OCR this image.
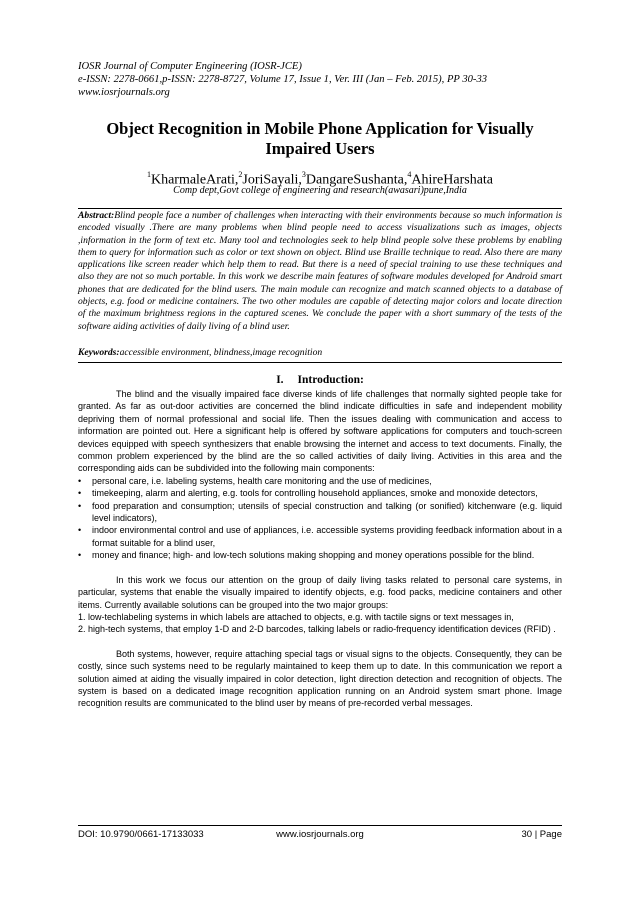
IOSR Journal of Computer Engineering (IOSR-JCE)
e-ISSN: 2278-0661,p-ISSN: 2278-8727, Volume 17, Issue 1, Ver. III (Jan – Feb. 2015), PP 30-33
www.iosrjournals.org
Object Recognition in Mobile Phone Application for Visually Impaired Users
$^1$KharmaleArati,$^2$JoriSayali,$^3$DangareSushanta,$^4$AhireHarshata
Comp dept,Govt college of engineering and research(awasari)pune,India
Abstract:Blind people face a number of challenges when interacting with their environments because so much information is encoded visually .There are many problems when blind people need to access visualizations such as images, objects ,information in the form of text etc. Many tool and technologies seek to help blind people solve these problems by enabling them to query for information such as color or text shown on object. Blind use Braille technique to read. Also there are many applications like screen reader which help them to read. But there is a need of special training to use these techniques and also they are not so much portable. In this work we describe main features of software modules developed for Android smart phones that are dedicated for the blind users. The main module can recognize and match scanned objects to a database of objects, e.g. food or medicine containers. The two other modules are capable of detecting major colors and locate direction of the maximum brightness regions in the captured scenes. We conclude the paper with a short summary of the tests of the software aiding activities of daily living of a blind user.
Keywords:accessible environment, blindness,image recognition
I. Introduction:

The blind and the visually impaired face diverse kinds of life challenges that normally sighted people take for granted. As far as out-door activities are concerned the blind indicate difficulties in safe and independent mobility depriving them of normal professional and social life. Then the issues dealing with communication and access to information are pointed out. Here a significant help is offered by software applications for computers and touch-screen devices equipped with speech synthesizers that enable browsing the internet and access to text documents. Finally, the common problem experienced by the blind are the so called activities of daily living. Activities in this area and the corresponding aids can be subdivided into the following main components:

• personal care, i.e. labeling systems, health care monitoring and the use of medicines,
• timekeeping, alarm and alerting, e.g. tools for controlling household appliances, smoke and monoxide detectors,
• food preparation and consumption; utensils of special construction and talking (or sonified) kitchenware (e.g. liquid level indicators),
• indoor environmental control and use of appliances, i.e. accessible systems providing feedback information about in a format suitable for a blind user,
• money and finance; high- and low-tech solutions making shopping and money operations possible for the blind.

In this work we focus our attention on the group of daily living tasks related to personal care systems, in particular, systems that enable the visually impaired to identify objects, e.g. food packs, medicine containers and other items. Currently available solutions can be grouped into the two major groups:

1. low-techlabeling systems in which labels are attached to objects, e.g. with tactile signs or text messages in,

2. high-tech systems, that employ 1-D and 2-D barcodes, talking labels or radio-frequency identification devices (RFID) .

Both systems, however, require attaching special tags or visual signs to the objects. Consequently, they can be costly, since such systems need to be regularly maintained to keep them up to date. In this communication we report a solution aimed at aiding the visually impaired in color detection, light direction detection and recognition of objects. The system is based on a dedicated image recognition application running on an Android system smart phone. Image recognition results are communicated to the blind user by means of pre-recorded verbal messages.

DOI: 10.9790/0661-17133033	www.iosrjournals.org	30 | Page
